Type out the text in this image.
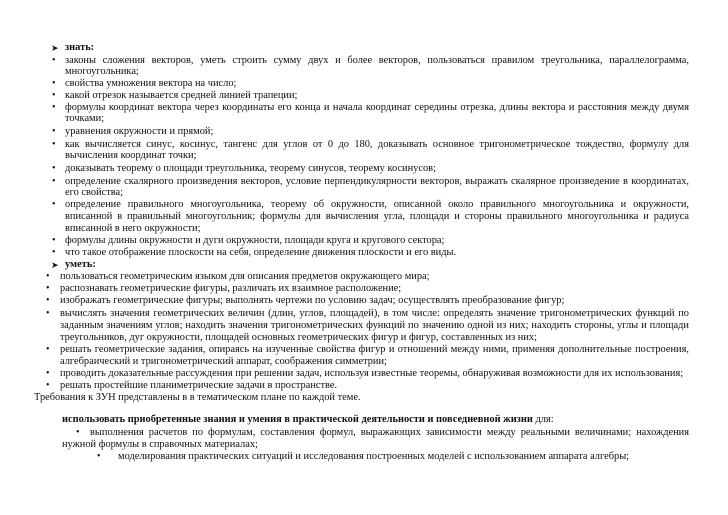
➤ знать:
• законы сложения векторов, уметь строить сумму двух и более векторов, пользоваться правилом треугольника, параллелограмма,
многоугольника;
• свойства умножения вектора на число;
• какой отрезок называется средней линией трапеции;
• формулы координат вектора через координаты его конца и начала координат середины отрезка, длины вектора и расстояния между двумя
точками;
• уравнения окружности и прямой;
• как вычисляется синус, косинус, тангенс для углов от 0 до 180, доказывать основное тригонометрическое тождество, формулу для
вычисления координат точки;
• доказывать теорему о площади треугольника, теорему синусов, теорему косинусов;
• определение скалярного произведения векторов, условие перпендикулярности векторов, выражать скалярное произведение в координатах,
его свойства;
• определение правильного многоугольника, теорему об окружности, описанной около правильного многоугольника и окружности,
вписанной в правильный многоугольник; формулы для вычисления угла, площади и стороны правильного многоугольника и радиуса
вписанной в него окружности;
• формулы длины окружности и дуги окружности, площади круга и кругового сектора;
• что такое отображение плоскости на себя, определение движения плоскости и его виды.
➤ уметь:
• пользоваться геометрическим языком для описания предметов окружающего мира;
• распознавать геометрические фигуры, различать их взаимное расположение;
• изображать геометрические фигуры; выполнять чертежи по условию задач; осуществлять преобразование фигур;
• вычислять значения геометрических величин (длин, углов, площадей), в том числе: определять значение тригонометрических функций по
заданным значениям углов; находить значения тригонометрических функций по значению одной из них; находить стороны, углы и площади
треугольников, дуг окружности, площадей основных геометрических фигур и фигур, составленных из них;
• решать геометрические задания, опираясь на изученные свойства фигур и отношений между ними, применяя дополнительные построения,
алгебраический и тригонометрический аппарат, соображения симметрии;
• проводить доказательные рассуждения при решении задач, используя известные теоремы, обнаруживая возможности для их использования;
• решать простейшие планиметрические задачи в пространстве.
Требования к ЗУН представлены в в тематическом плане по каждой теме.
использовать приобретенные знания и умения в практической деятельности и повседневной жизни для:
•	выполнения расчетов по формулам, составления формул, выражающих зависимости между реальными величинами; нахождения
нужной формулы в справочных материалах;
• моделирования практических ситуаций и исследования построенных моделей с использованием аппарата алгебры;
